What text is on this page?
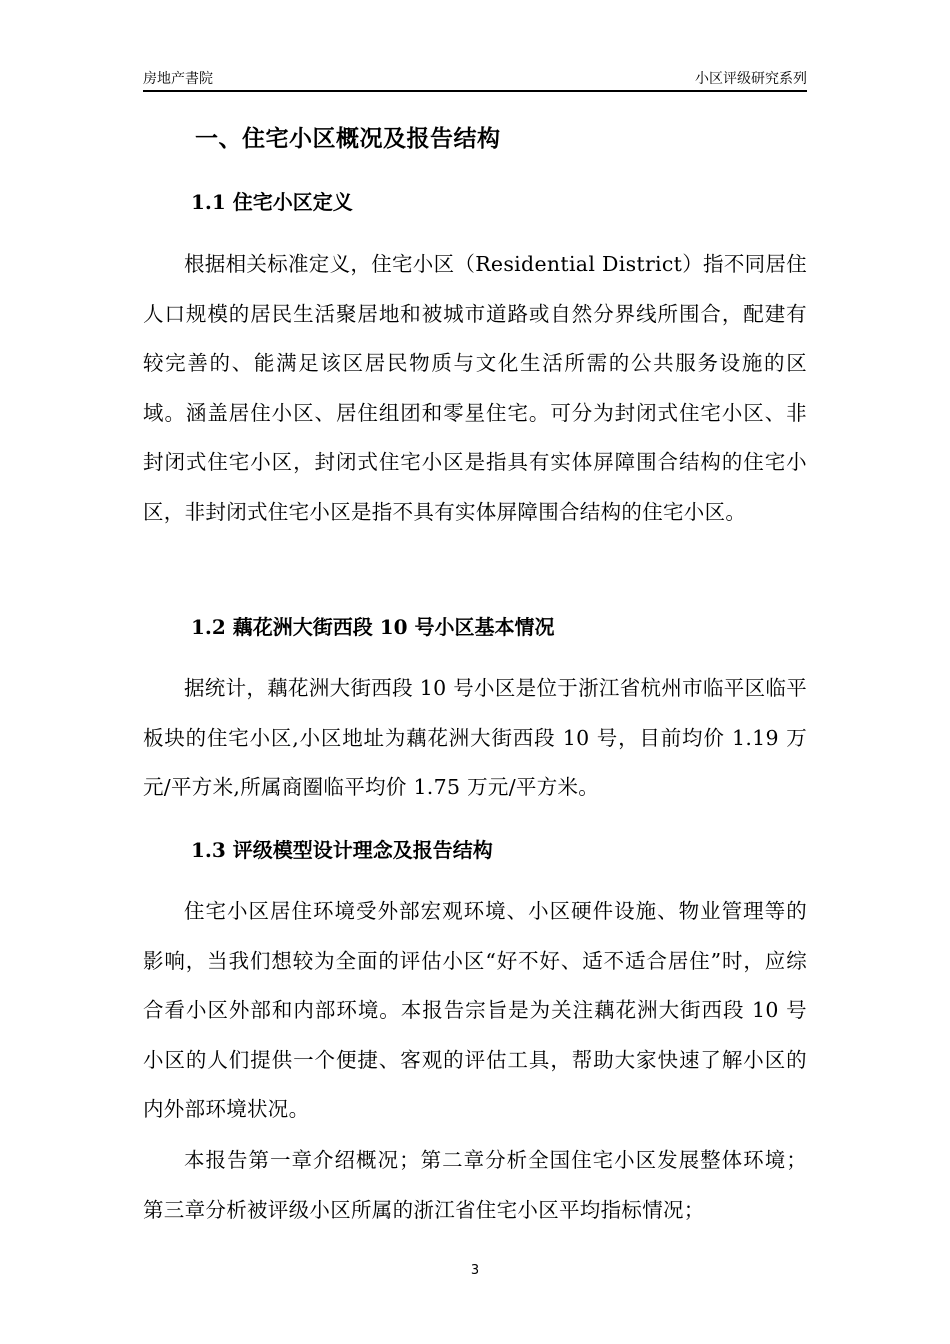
房地产書院	小区评级研究系列
一、住宅小区概况及报告结构
1.1 住宅小区定义
根据相关标准定义，住宅小区（Residential District）指不同居住人口规模的居民生活聚居地和被城市道路或自然分界线所围合，配建有较完善的、能满足该区居民物质与文化生活所需的公共服务设施的区域。涵盖居住小区、居住组团和零星住宅。可分为封闭式住宅小区、非封闭式住宅小区，封闭式住宅小区是指具有实体屏障围合结构的住宅小区，非封闭式住宅小区是指不具有实体屏障围合结构的住宅小区。
1.2 藕花洲大街西段 10 号小区基本情况
据统计，藕花洲大街西段 10 号小区是位于浙江省杭州市临平区临平板块的住宅小区,小区地址为藕花洲大街西段 10 号，目前均价 1.19 万元/平方米,所属商圈临平均价 1.75 万元/平方米。
1.3 评级模型设计理念及报告结构
住宅小区居住环境受外部宏观环境、小区硬件设施、物业管理等的影响，当我们想较为全面的评估小区“好不好、适不适合居住”时，应综合看小区外部和内部环境。本报告宗旨是为关注藕花洲大街西段 10 号小区的人们提供一个便捷、客观的评估工具，帮助大家快速了解小区的内外部环境状况。
本报告第一章介绍概况；第二章分析全国住宅小区发展整体环境；第三章分析被评级小区所属的浙江省住宅小区平均指标情况；
3
